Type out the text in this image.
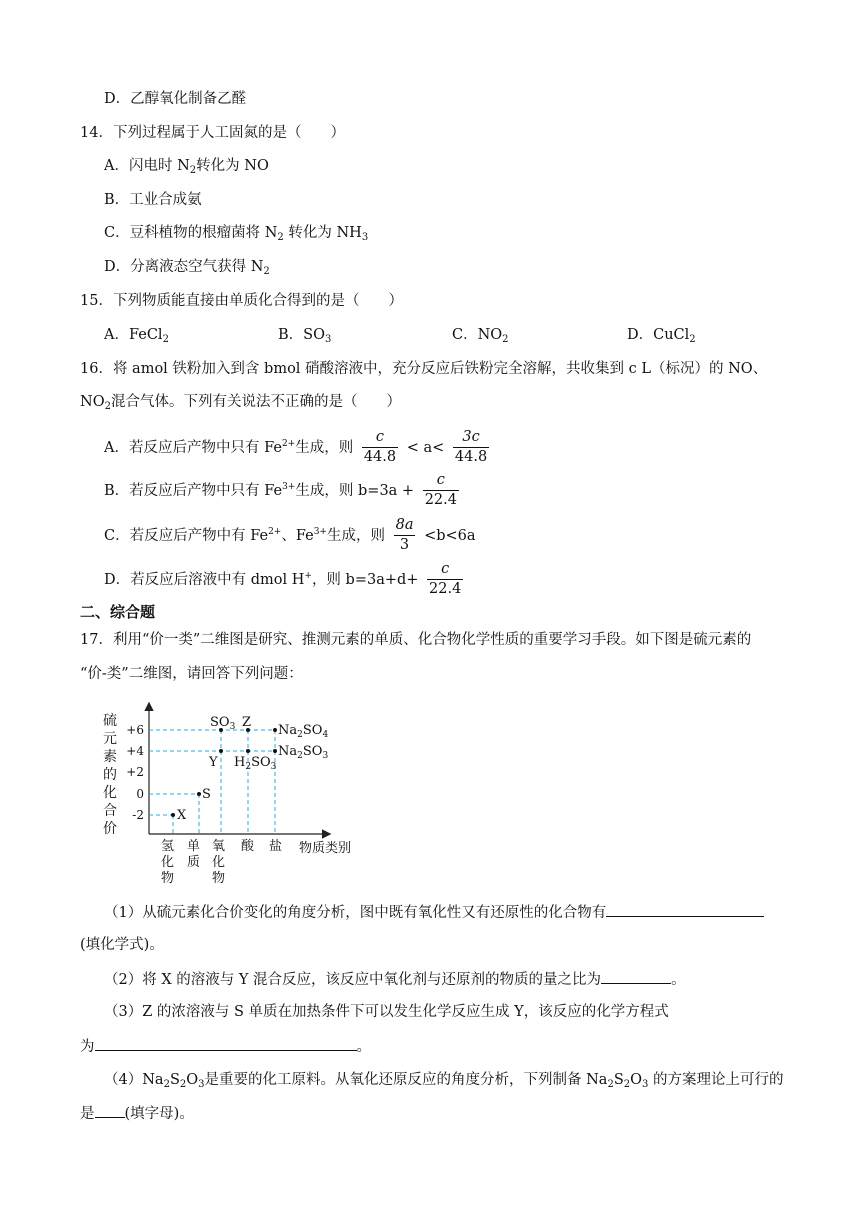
D．乙醇氧化制备乙醛
14．下列过程属于人工固氮的是（　　）
A．闪电时 $N_2$转化为 NO
B．工业合成氨
C．豆科植物的根瘤菌将 $N_2$ 转化为 $NH_3$
D．分离液态空气获得 $N_2$
15．下列物质能直接由单质化合得到的是（　　）
A．FeCl$_2$	B．$SO_3$	C．$NO_2$	D．CuCl$_2$
16．将 amol 铁粉加入到含 bmol 硝酸溶液中，充分反应后铁粉完全溶解，共收集到 c L（标况）的 NO、
$NO_2$混合气体。下列有关说法不正确的是（　　）
A．若反应后产物中只有 $Fe^{2+}$生成，则 $\frac{c}{44.8} < a< \frac{3c}{44.8}$
B．若反应后产物中只有 $Fe^{3+}$生成，则 $b=3a + \frac{c}{22.4}$
C．若反应后产物中有 $Fe^{2+}$、$Fe^{3+}$生成，则 $\frac{8a}{3} <b<6a$
D．若反应后溶液中有 dmol H+，则 $b=3a+d+ \frac{c}{22.4}$
二、综合题
17．利用“价一类”二维图是研究、推测元素的单质、化合物化学性质的重要学习手段。如下图是硫元素的
“价-类”二维图，请回答下列问题：
硫
元
素
的
化
合
价
+6
+4
+2
0
-2	X
S
$SO_3$ Z
$Na_2SO_4$
$Na_2SO_3$
Y $H_2SO_3$
氢
化
物
单
质
氧
化
物
酸 盐 物质类别
（1）从硫元素化合价变化的角度分析，图中既有氧化性又有还原性的化合物有
(填化学式)。
（2）将 X 的溶液与 Y 混合反应，该反应中氧化剂与还原剂的物质的量之比为	。
（3）Z 的浓溶液与 S 单质在加热条件下可以发生化学反应生成 Y，该反应的化学方程式
为	。
$(4)Na_2S_2O_3$是重要的化工原料。从氧化还原反应的角度分析，下列制备 $Na_2S_2O_3$ 的方案理论上可行的
是 (填字母)。
